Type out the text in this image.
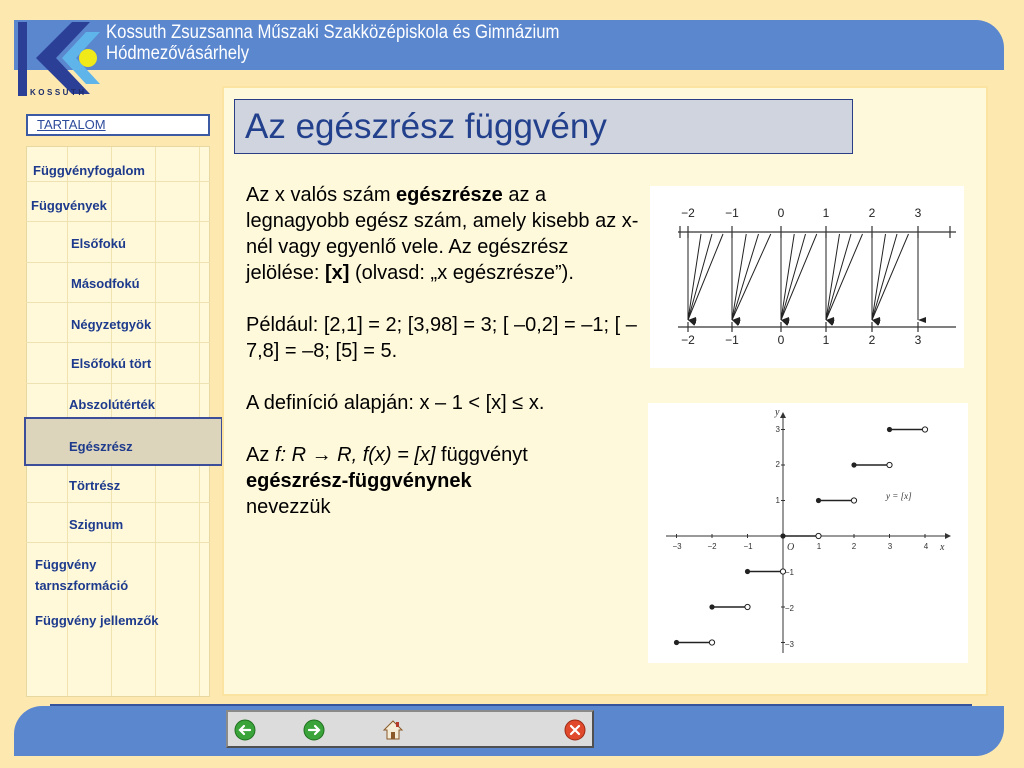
KOSSUTH
Kossuth Zsuzsanna Műszaki Szakközépiskola és Gimnázium
Hódmezővásárhely
TARTALOM
Függvényfogalom
Függvények
Elsőfokú
Másodfokú
Négyzetgyök
Elsőfokú tört
Abszolútérték
Egészrész
Törtrész
Szignum
Függvény tarnszformáció
Függvény jellemzők
Az egészrész függvény

Az x valós szám egészrésze az a legnagyobb egész szám, amely kisebb az x-nél vagy egyenlő vele. Az egészrész jelölése: [x] (olvasd: „x egészrésze”).

Például: [2,1] = 2; [3,98] = 3; [ –0,2] = –1; [ –7,8] = –8; [5] = 5.

A definíció alapján: x – 1 < [x] ≤ x.

Az f: R → R, f(x) = [x] függvényt
egészrész-függvénynek
nevezzük

−2	−1	0	1	2	3
−2	−1	0	1	2	3
−3	−2	−1	1	2	3	4
3
2
1
−1
−2
−3
y
x
O
y = [x]
